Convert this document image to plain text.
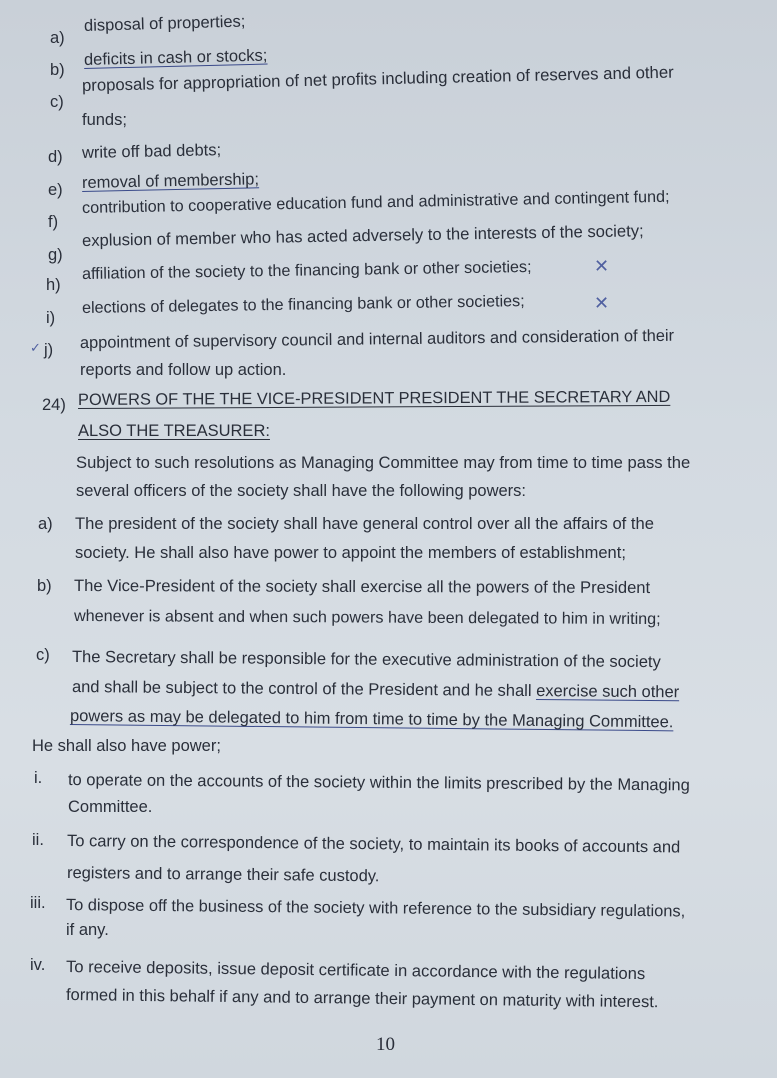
a)
disposal of properties;
b)
deficits in cash or stocks;
c)
proposals for appropriation of net profits including creation of reserves and other
funds;
d) write off bad debts;
e) removal of membership;
f)
contribution to cooperative education fund and administrative and contingent fund;
g)
explusion of member who has acted adversely to the interests of the society;
h)
affiliation of the society to the financing bank or other societies;	✕
i)
elections of delegates to the financing bank or other societies;	✕
✓ j) appointment of supervisory council and internal auditors and consideration of their
reports and follow up action.
24) POWERS OF THE THE VICE-PRESIDENT PRESIDENT THE SECRETARY AND
ALSO THE TREASURER:
Subject to such resolutions as Managing Committee may from time to time pass the
several officers of the society shall have the following powers:
a) The president of the society shall have general control over all the affairs of the
society. He shall also have power to appoint the members of establishment;
b) The Vice-President of the society shall exercise all the powers of the President
whenever is absent and when such powers have been delegated to him in writing;
c) The Secretary shall be responsible for the executive administration of the society
and shall be subject to the control of the President and he shall exercise such other
powers as may be delegated to him from time to time by the Managing Committee.
He shall also have power;
i. to operate on the accounts of the society within the limits prescribed by the Managing
Committee.
ii. To carry on the correspondence of the society, to maintain its books of accounts and
registers and to arrange their safe custody.
iii. To dispose off the business of the society with reference to the subsidiary regulations,
if any.
iv. To receive deposits, issue deposit certificate in accordance with the regulations
formed in this behalf if any and to arrange their payment on maturity with interest.
10
